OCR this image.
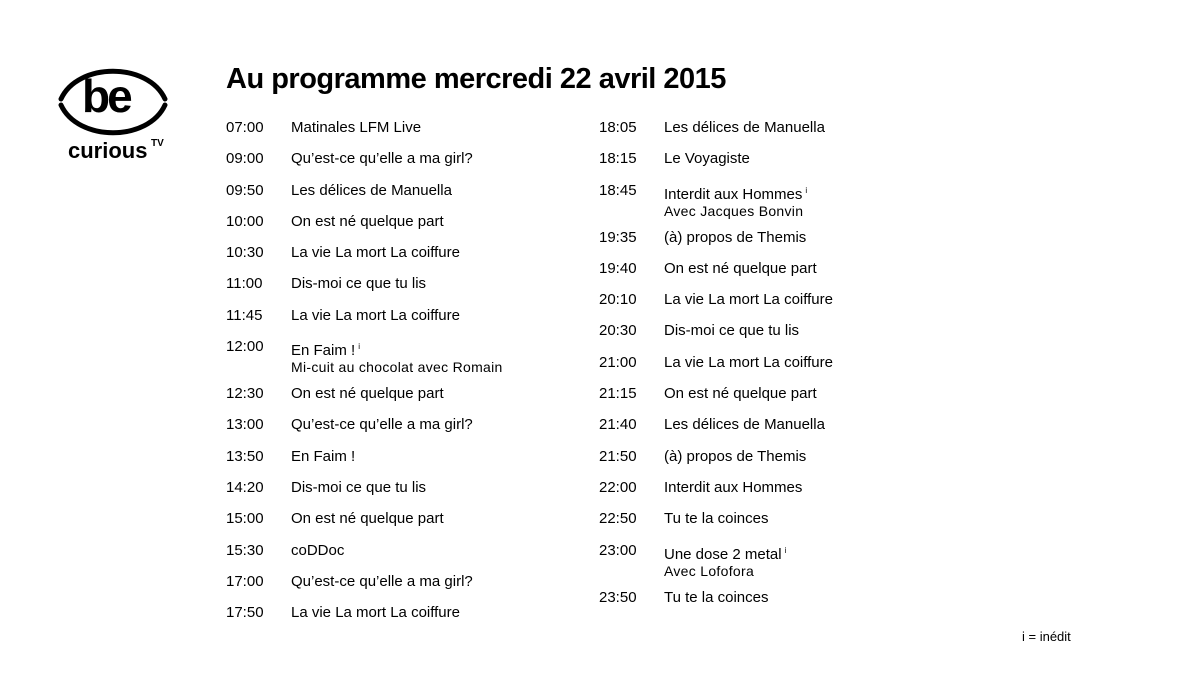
be
curious TV
Au programme mercredi 22 avril 2015
07:00	Matinales LFM Live
09:00	Qu’est-ce qu’elle a ma girl?
09:50	Les délices de Manuella
10:00	On est né quelque part
10:30	La vie La mort La coiffure
11:00	Dis-moi ce que tu lis
11:45	La vie La mort La coiffure
12:00	En Faim ! $^i$
Mi-cuit au chocolat avec Romain
12:30	On est né quelque part
13:00	Qu’est-ce qu’elle a ma girl?
13:50	En Faim !
14:20	Dis-moi ce que tu lis
15:00	On est né quelque part
15:30	coDDoc
17:00	Qu’est-ce qu’elle a ma girl?
17:50	La vie La mort La coiffure
18:05	Les délices de Manuella
18:15	Le Voyagiste
18:45	Interdit aux Hommes $^i$
Avec Jacques Bonvin
19:35	(à) propos de Themis
19:40	On est né quelque part
20:10	La vie La mort La coiffure
20:30	Dis-moi ce que tu lis
21:00	La vie La mort La coiffure
21:15	On est né quelque part
21:40	Les délices de Manuella
21:50	(à) propos de Themis
22:00	Interdit aux Hommes
22:50	Tu te la coinces
23:00	Une dose 2 metal $^i$
Avec Lofofora
23:50	Tu te la coinces
i = inédit
